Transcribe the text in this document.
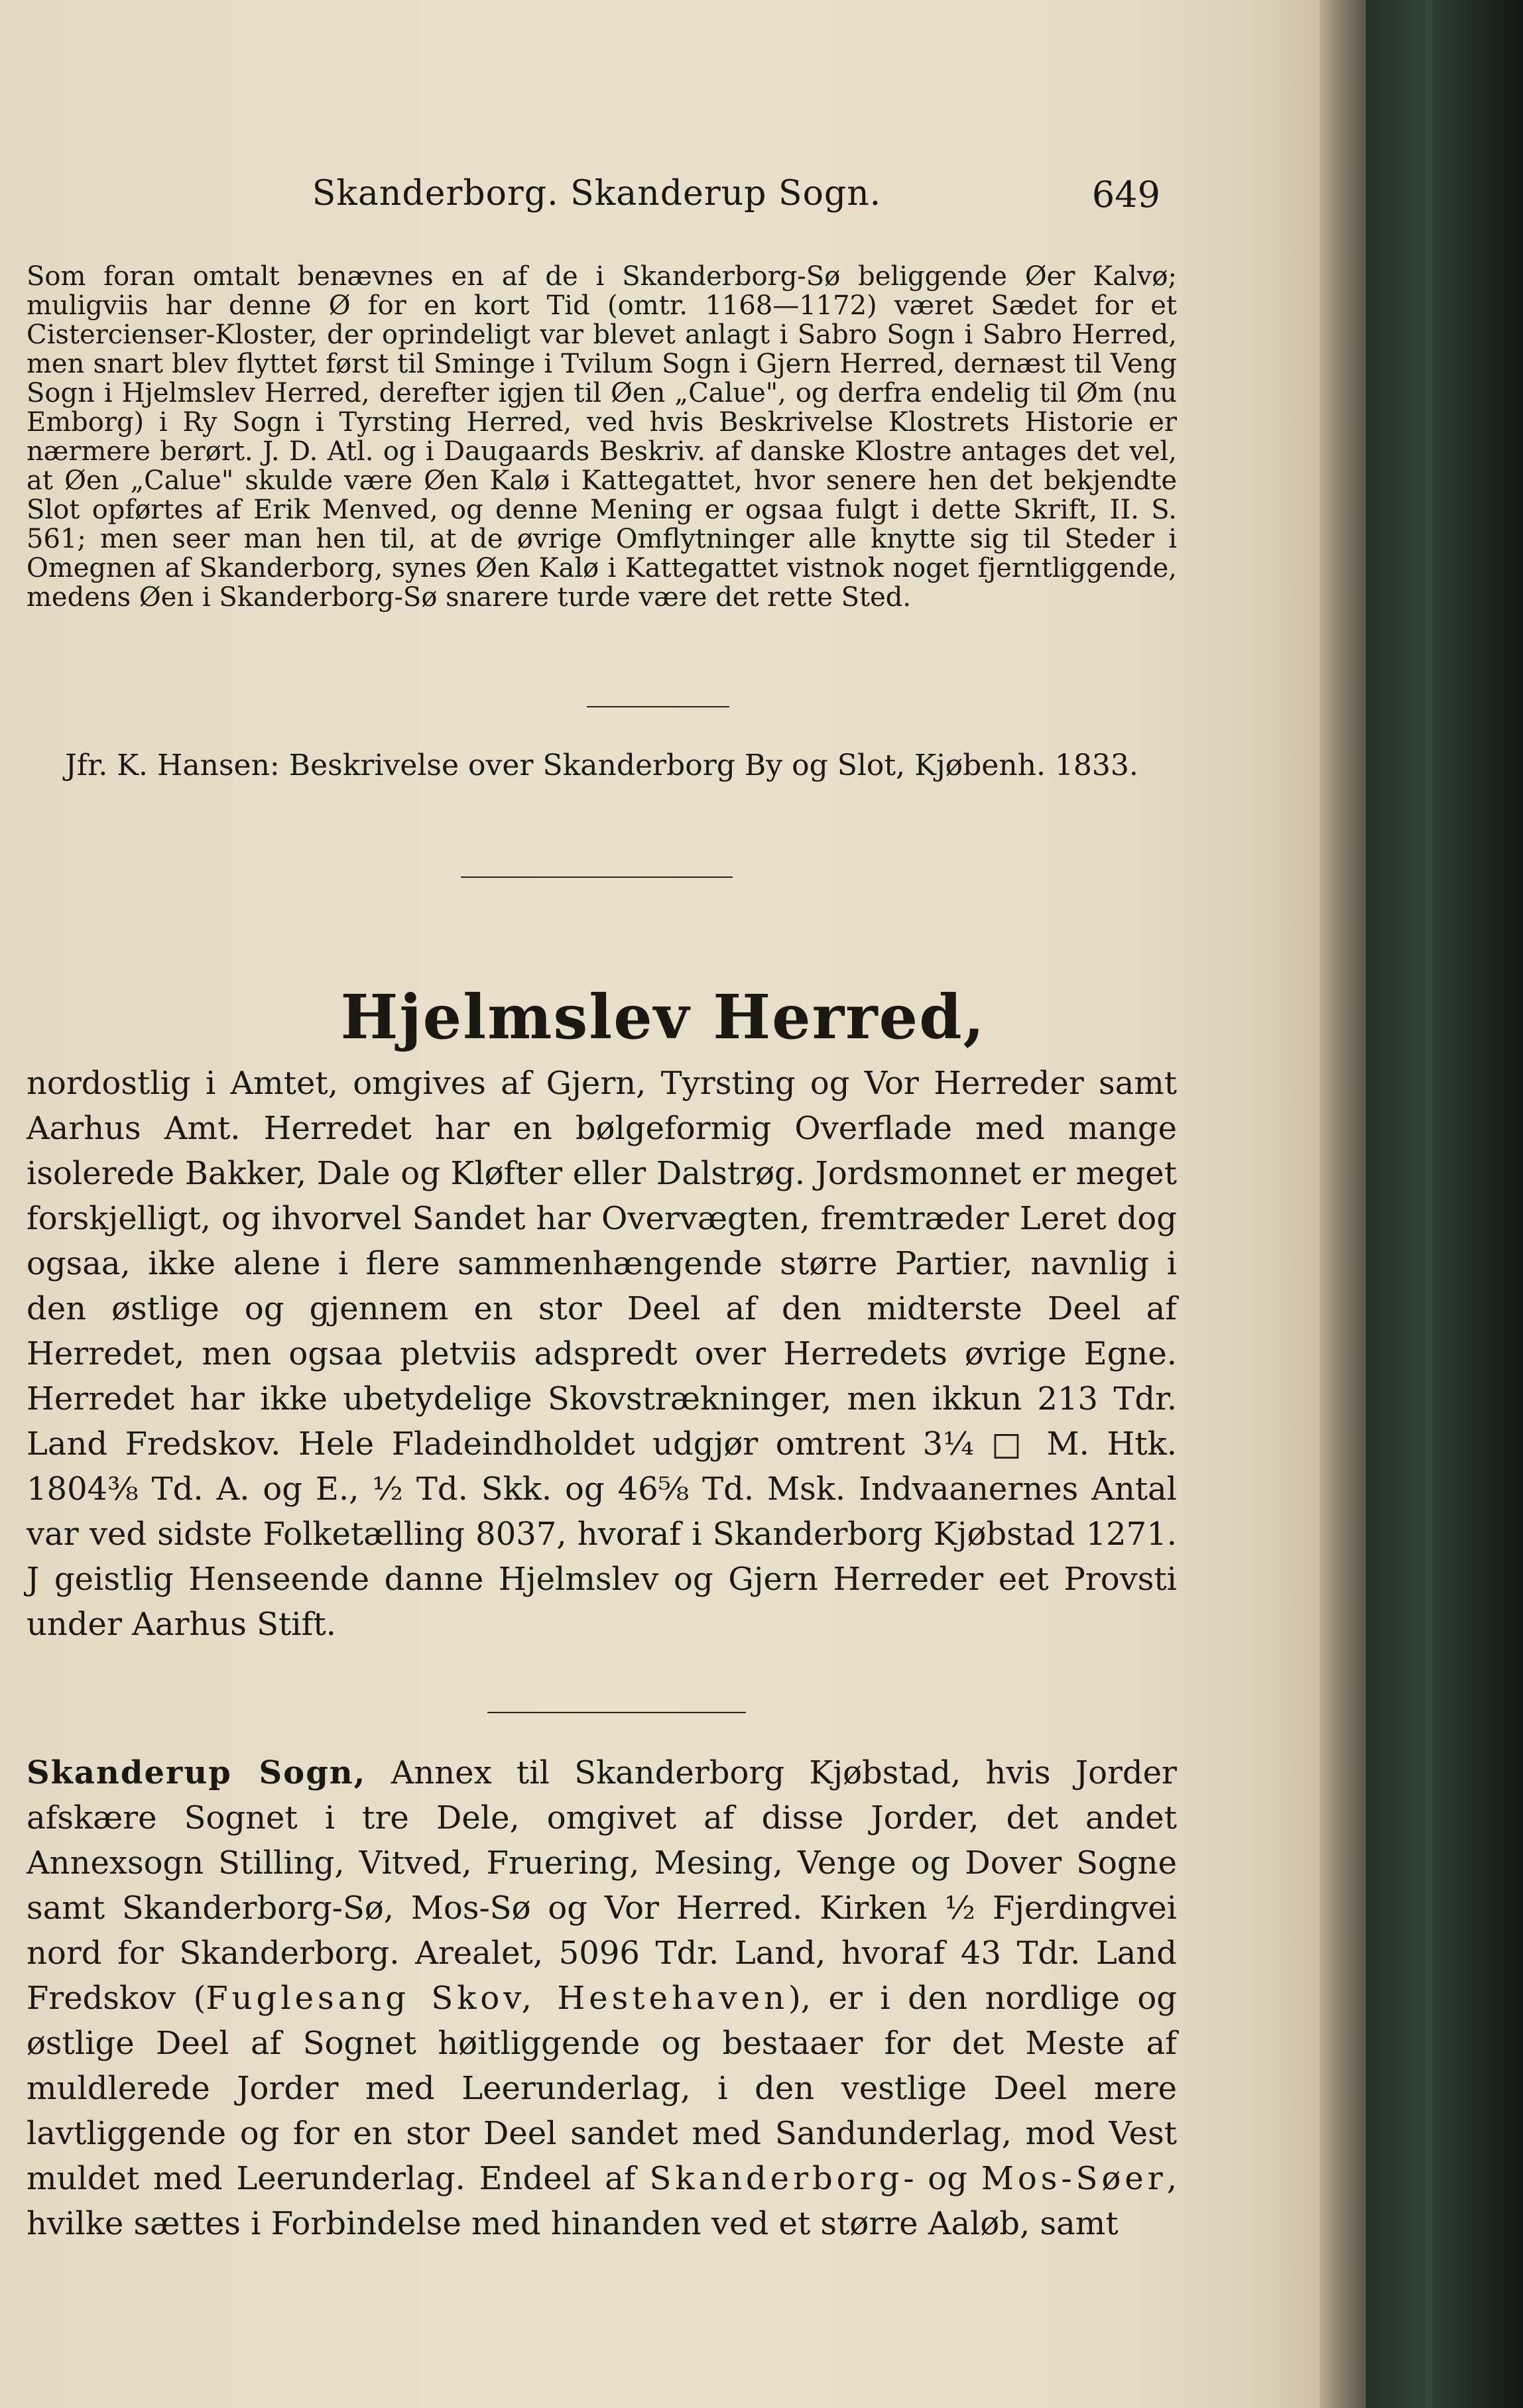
Skanderborg. Skanderup Sogn.	649

Som foran omtalt benævnes en af de i Skanderborg-Sø beliggende Øer Kalvø; muligviis har denne Ø for en kort Tid (omtr. 1168—1172) været Sædet for et Cistercienser-Kloster, der oprindeligt var blevet anlagt i Sabro Sogn i Sabro Herred, men snart blev flyttet først til Sminge i Tvilum Sogn i Gjern Herred, dernæst til Veng Sogn i Hjelmslev Herred, derefter igjen til Øen „Calue", og derfra endelig til Øm (nu Emborg) i Ry Sogn i Tyrsting Herred, ved hvis Beskrivelse Klostrets Historie er nærmere berørt. J. D. Atl. og i Daugaards Beskriv. af danske Klostre antages det vel, at Øen „Calue" skulde være Øen Kalø i Kattegattet, hvor senere hen det bekjendte Slot opførtes af Erik Menved, og denne Mening er ogsaa fulgt i dette Skrift, II. S. 561; men seer man hen til, at de øvrige Omflytninger alle knytte sig til Steder i Omegnen af Skanderborg, synes Øen Kalø i Kattegattet vistnok noget fjerntliggende, medens Øen i Skanderborg-Sø snarere turde være det rette Sted.

Jfr. K. Hansen: Beskrivelse over Skanderborg By og Slot, Kjøbenh. 1833.
Hjelmslev Herred,

nordostlig i Amtet, omgives af Gjern, Tyrsting og Vor Herreder samt Aarhus Amt. Herredet har en bølgeformig Overflade med mange isolerede Bakker, Dale og Kløfter eller Dalstrøg. Jordsmonnet er meget forskjelligt, og ihvorvel Sandet har Overvægten, fremtræder Leret dog ogsaa, ikke alene i flere sammenhængende større Partier, navnlig i den østlige og gjennem en stor Deel af den midterste Deel af Herredet, men ogsaa pletviis adspredt over Herredets øvrige Egne. Herredet har ikke ubetydelige Skovstrækninger, men ikkun 213 Tdr. Land Fredskov. Hele Fladeindholdet udgjør omtrent 3¼ □ M. Htk. 1804⅜ Td. A. og E., ½ Td. Skk. og 46⅝ Td. Msk. Indvaanernes Antal var ved sidste Folketælling 8037, hvoraf i Skanderborg Kjøbstad 1271. J geistlig Henseende danne Hjelmslev og Gjern Herreder eet Provsti under Aarhus Stift.

Skanderup Sogn, Annex til Skanderborg Kjøbstad, hvis Jorder afskære Sognet i tre Dele, omgivet af disse Jorder, det andet Annexsogn Stilling, Vitved, Fruering, Mesing, Venge og Dover Sogne samt Skanderborg-Sø, Mos-Sø og Vor Herred. Kirken ½ Fjerdingvei nord for Skanderborg. Arealet, 5096 Tdr. Land, hvoraf 43 Tdr. Land Fredskov (Fuglesang Skov, Hestehaven), er i den nordlige og østlige Deel af Sognet høitliggende og bestaaer for det Meste af muldlerede Jorder med Leerunderlag, i den vestlige Deel mere lavtliggende og for en stor Deel sandet med Sandunderlag, mod Vest muldet med Leerunderlag. Endeel af Skanderborg- og Mos-Søer, hvilke sættes i Forbindelse med hinanden ved et større Aaløb, samt
